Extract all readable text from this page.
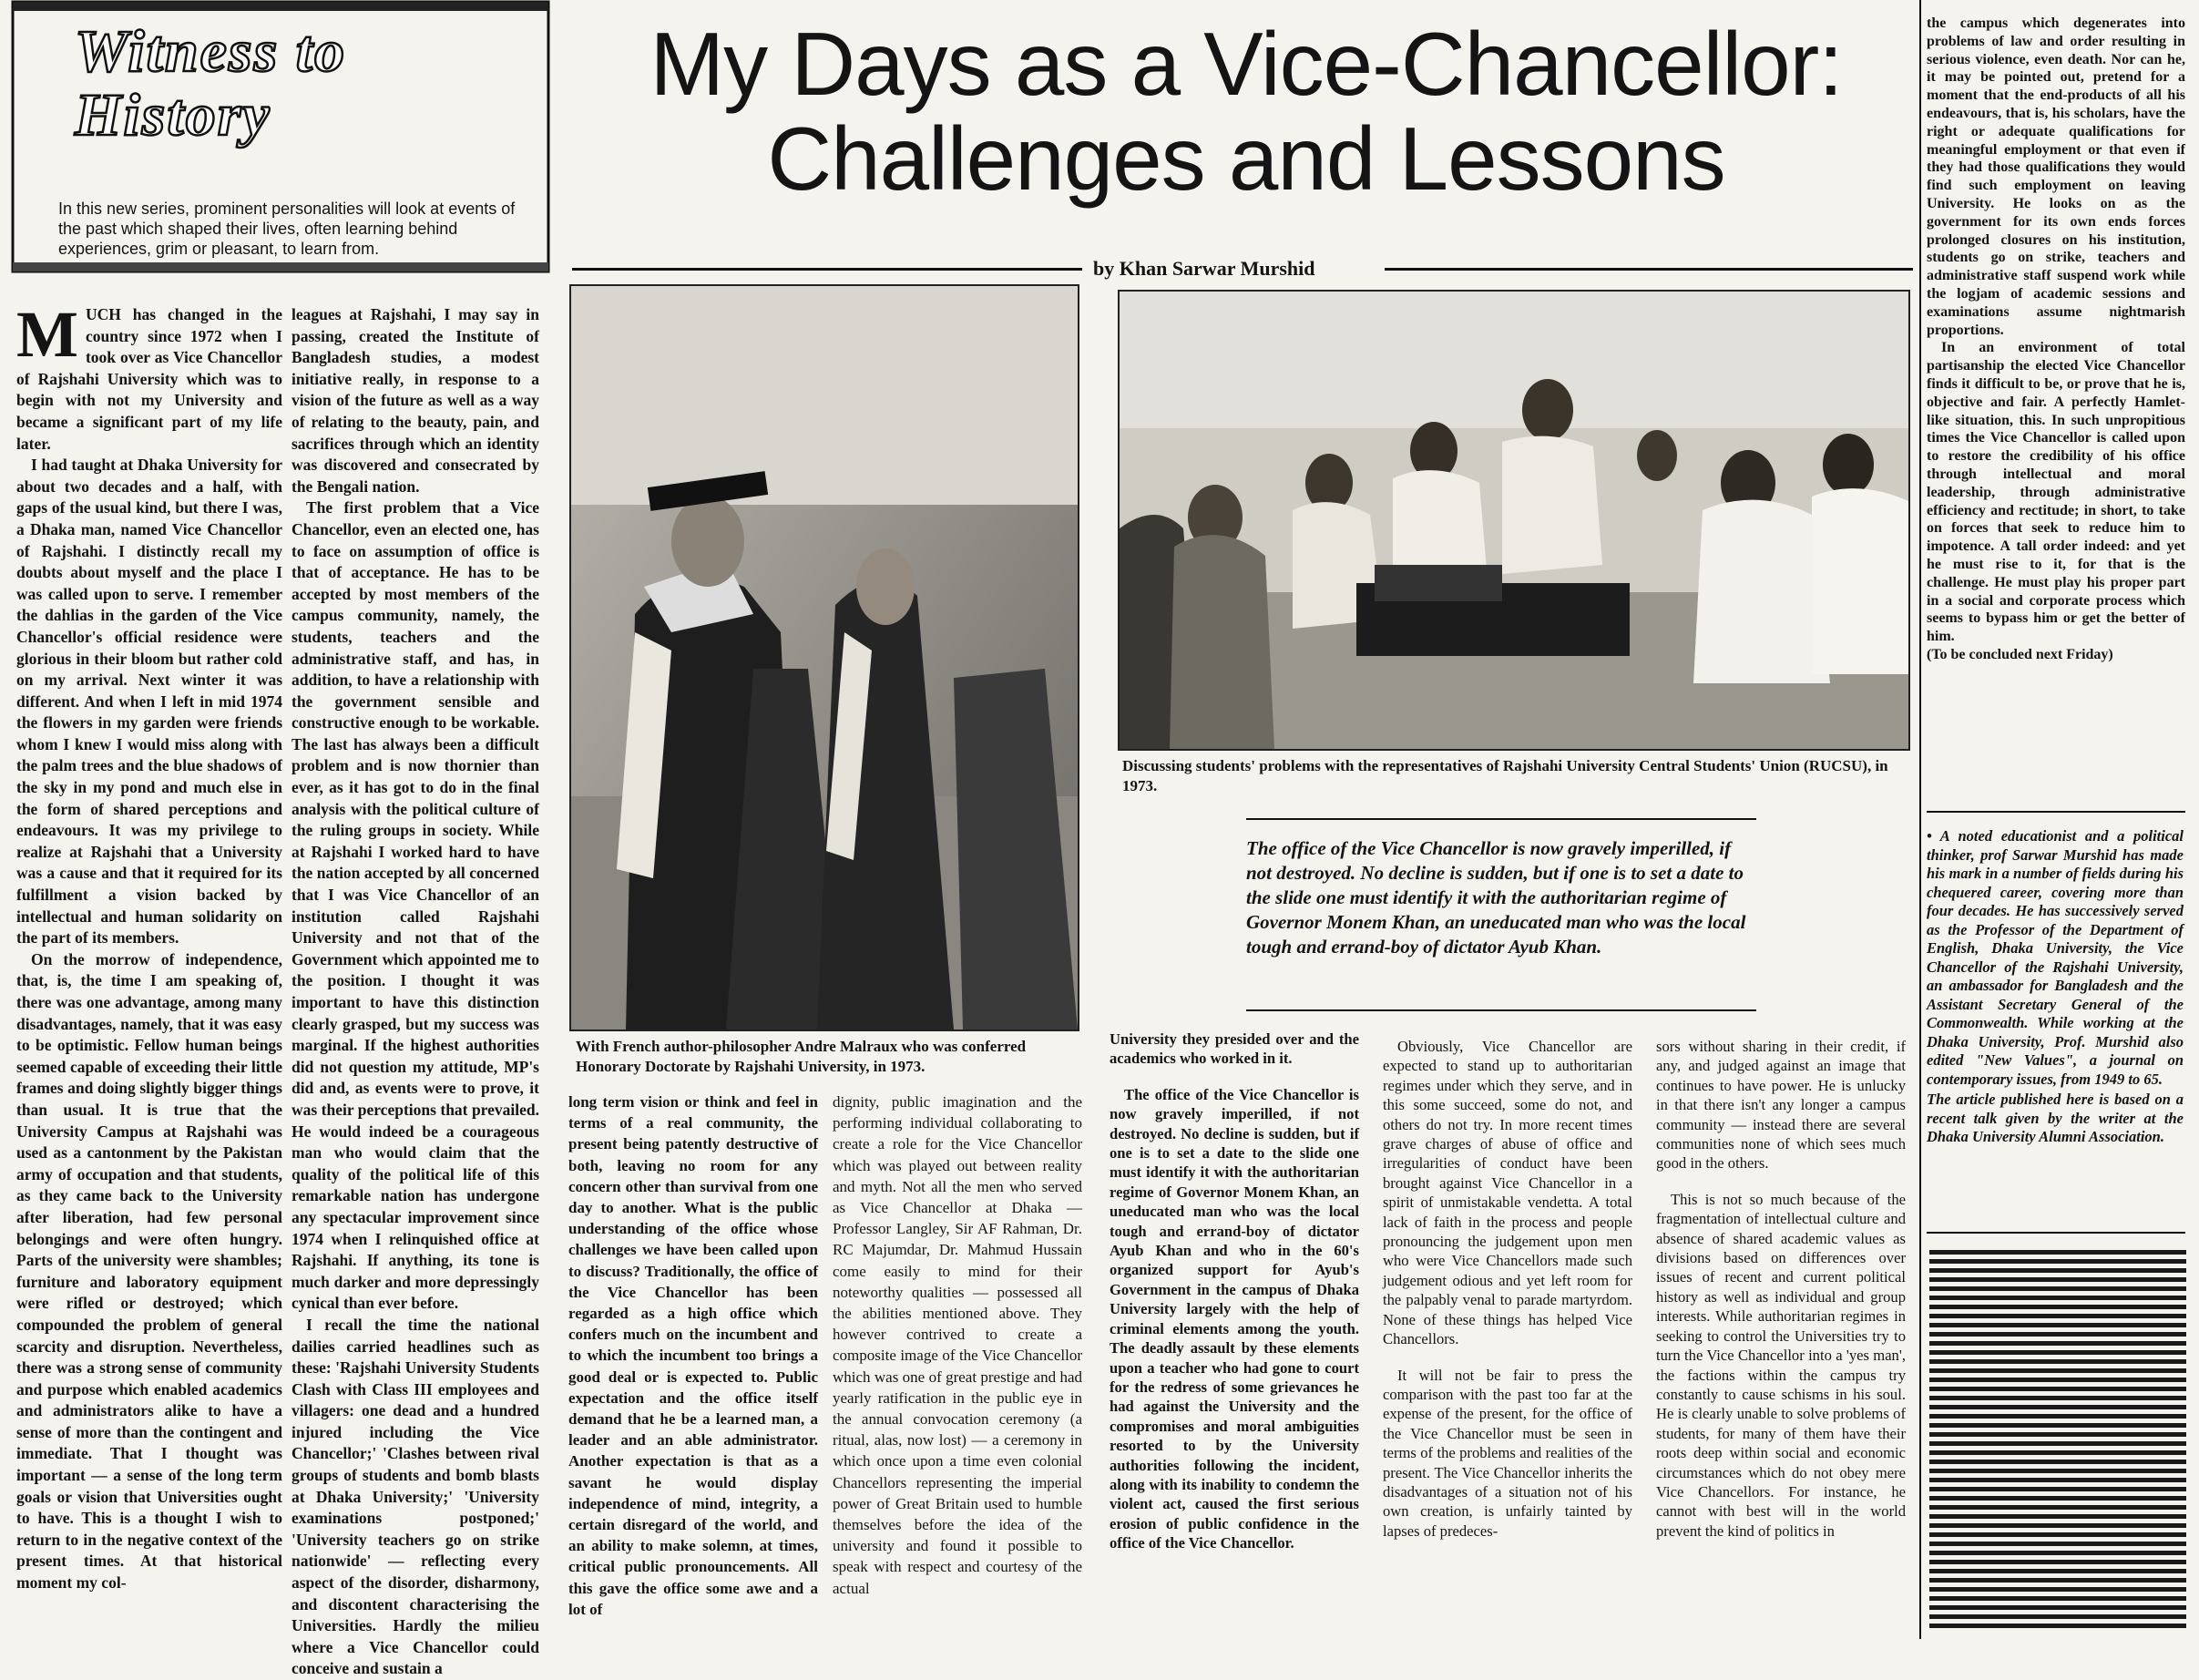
Witness to History
In this new series, prominent personalities will look at events of the past which shaped their lives, often learning behind experiences, grim or pleasant, to learn from.
My Days as a Vice-Chancellor:
Challenges and Lessons
by Khan Sarwar Murshid
M UCH has changed in the country since 1972 when I took over as Vice Chancellor of Rajshahi University which was to begin with not my University and became a significant part of my life later.

I had taught at Dhaka University for about two decades and a half, with gaps of the usual kind, but there I was, a Dhaka man, named Vice Chancellor of Rajshahi. I distinctly recall my doubts about myself and the place I was called upon to serve. I remember the dahlias in the garden of the Vice Chancellor's official residence were glorious in their bloom but rather cold on my arrival. Next winter it was different. And when I left in mid 1974 the flowers in my garden were friends whom I knew I would miss along with the palm trees and the blue shadows of the sky in my pond and much else in the form of shared perceptions and endeavours. It was my privilege to realize at Rajshahi that a University was a cause and that it required for its fulfillment a vision backed by intellectual and human solidarity on the part of its members.

On the morrow of independence, that, is, the time I am speaking of, there was one advantage, among many disadvantages, namely, that it was easy to be optimistic. Fellow human beings seemed capable of exceeding their little frames and doing slightly bigger things than usual. It is true that the University Campus at Rajshahi was used as a cantonment by the Pakistan army of occupation and that students, as they came back to the University after liberation, had few personal belongings and were often hungry. Parts of the university were shambles; furniture and laboratory equipment were rifled or destroyed; which compounded the problem of general scarcity and disruption. Nevertheless, there was a strong sense of community and purpose which enabled academics and administrators alike to have a sense of more than the contingent and immediate. That I thought was important — a sense of the long term goals or vision that Universities ought to have. This is a thought I wish to return to in the negative context of the present times. At that historical moment my col-

leagues at Rajshahi, I may say in passing, created the Institute of Bangladesh studies, a modest initiative really, in response to a vision of the future as well as a way of relating to the beauty, pain, and sacrifices through which an identity was discovered and consecrated by the Bengali nation.

The first problem that a Vice Chancellor, even an elected one, has to face on assumption of office is that of acceptance. He has to be accepted by most members of the campus community, namely, the students, teachers and the administrative staff, and has, in addition, to have a relationship with the government sensible and constructive enough to be workable. The last has always been a difficult problem and is now thornier than ever, as it has got to do in the final analysis with the political culture of the ruling groups in society. While at Rajshahi I worked hard to have the nation accepted by all concerned that I was Vice Chancellor of an institution called Rajshahi University and not that of the Government which appointed me to the position. I thought it was important to have this distinction clearly grasped, but my success was marginal. If the highest authorities did not question my attitude, MP's did and, as events were to prove, it was their perceptions that prevailed. He would indeed be a courageous man who would claim that the quality of the political life of this remarkable nation has undergone any spectacular improvement since 1974 when I relinquished office at Rajshahi. If anything, its tone is much darker and more depressingly cynical than ever before.

I recall the time the national dailies carried headlines such as these: 'Rajshahi University Students Clash with Class III employees and villagers: one dead and a hundred injured including the Vice Chancellor;' 'Clashes between rival groups of students and bomb blasts at Dhaka University;' 'University examinations postponed;' 'University teachers go on strike nationwide' — reflecting every aspect of the disorder, disharmony, and discontent characterising the Universities. Hardly the milieu where a Vice Chancellor could conceive and sustain a

With French author-philosopher Andre Malraux who was conferred Honorary Doctorate by Rajshahi University, in 1973.

long term vision or think and feel in terms of a real community, the present being patently destructive of both, leaving no room for any concern other than survival from one day to another. What is the public understanding of the office whose challenges we have been called upon to discuss? Traditionally, the office of the Vice Chancellor has been regarded as a high office which confers much on the incumbent and to which the incumbent too brings a good deal or is expected to. Public expectation and the office itself demand that he be a learned man, a leader and an able administrator. Another expectation is that as a savant he would display independence of mind, integrity, a certain disregard of the world, and an ability to make solemn, at times, critical public pronouncements. All this gave the office some awe and a lot of

dignity, public imagination and the performing individual collaborating to create a role for the Vice Chancellor which was played out between reality and myth. Not all the men who served as Vice Chancellor at Dhaka — Professor Langley, Sir AF Rahman, Dr. RC Majumdar, Dr. Mahmud Hussain come easily to mind for their noteworthy qualities — possessed all the abilities mentioned above. They however contrived to create a composite image of the Vice Chancellor which was one of great prestige and had yearly ratification in the public eye in the annual convocation ceremony (a ritual, alas, now lost) — a ceremony in which once upon a time even colonial Chancellors representing the imperial power of Great Britain used to humble themselves before the idea of the university and found it possible to speak with respect and courtesy of the actual

Discussing students' problems with the representatives of Rajshahi University Central Students' Union (RUCSU), in 1973.
The office of the Vice Chancellor is now gravely imperilled, if not destroyed. No decline is sudden, but if one is to set a date to the slide one must identify it with the authoritarian regime of Governor Monem Khan, an uneducated man who was the local tough and errand-boy of dictator Ayub Khan.

University they presided over and the academics who worked in it.

The office of the Vice Chancellor is now gravely imperilled, if not destroyed. No decline is sudden, but if one is to set a date to the slide one must identify it with the authoritarian regime of Governor Monem Khan, an uneducated man who was the local tough and errand-boy of dictator Ayub Khan and who in the 60's organized support for Ayub's Government in the campus of Dhaka University largely with the help of criminal elements among the youth. The deadly assault by these elements upon a teacher who had gone to court for the redress of some grievances he had against the University and the compromises and moral ambiguities resorted to by the University authorities following the incident, along with its inability to condemn the violent act, caused the first serious erosion of public confidence in the office of the Vice Chancellor.

Obviously, Vice Chancellor are expected to stand up to authoritarian regimes under which they serve, and in this some succeed, some do not, and others do not try. In more recent times grave charges of abuse of office and irregularities of conduct have been brought against Vice Chancellor in a spirit of unmistakable vendetta. A total lack of faith in the process and people pronouncing the judgement upon men who were Vice Chancellors made such judgement odious and yet left room for the palpably venal to parade martyrdom. None of these things has helped Vice Chancellors.

It will not be fair to press the comparison with the past too far at the expense of the present, for the office of the Vice Chancellor must be seen in terms of the problems and realities of the present. The Vice Chancellor inherits the disadvantages of a situation not of his own creation, is unfairly tainted by lapses of predeces-

sors without sharing in their credit, if any, and judged against an image that continues to have power. He is unlucky in that there isn't any longer a campus community — instead there are several communities none of which sees much good in the others.

This is not so much because of the fragmentation of intellectual culture and absence of shared academic values as divisions based on differences over issues of recent and current political history as well as individual and group interests. While authoritarian regimes in seeking to control the Universities try to turn the Vice Chancellor into a 'yes man', the factions within the campus try constantly to cause schisms in his soul. He is clearly unable to solve problems of students, for many of them have their roots deep within social and economic circumstances which do not obey mere Vice Chancellors. For instance, he cannot with best will in the world prevent the kind of politics in

the campus which degenerates into problems of law and order resulting in serious violence, even death. Nor can he, it may be pointed out, pretend for a moment that the end-products of all his endeavours, that is, his scholars, have the right or adequate qualifications for meaningful employment or that even if they had those qualifications they would find such employment on leaving University. He looks on as the government for its own ends forces prolonged closures on his institution, students go on strike, teachers and administrative staff suspend work while the logjam of academic sessions and examinations assume nightmarish proportions.

In an environment of total partisanship the elected Vice Chancellor finds it difficult to be, or prove that he is, objective and fair. A perfectly Hamlet-like situation, this. In such unpropitious times the Vice Chancellor is called upon to restore the credibility of his office through intellectual and moral leadership, through administrative efficiency and rectitude; in short, to take on forces that seek to reduce him to impotence. A tall order indeed: and yet he must rise to it, for that is the challenge. He must play his proper part in a social and corporate process which seems to bypass him or get the better of him.

(To be concluded next Friday)

• A noted educationist and a political thinker, prof Sarwar Murshid has made his mark in a number of fields during his chequered career, covering more than four decades. He has successively served as the Professor of the Department of English, Dhaka University, the Vice Chancellor of the Rajshahi University, an ambassador for Bangladesh and the Assistant Secretary General of the Commonwealth. While working at the Dhaka University, Prof. Murshid also edited "New Values", a journal on contemporary issues, from 1949 to 65.

The article published here is based on a recent talk given by the writer at the Dhaka University Alumni Association.
